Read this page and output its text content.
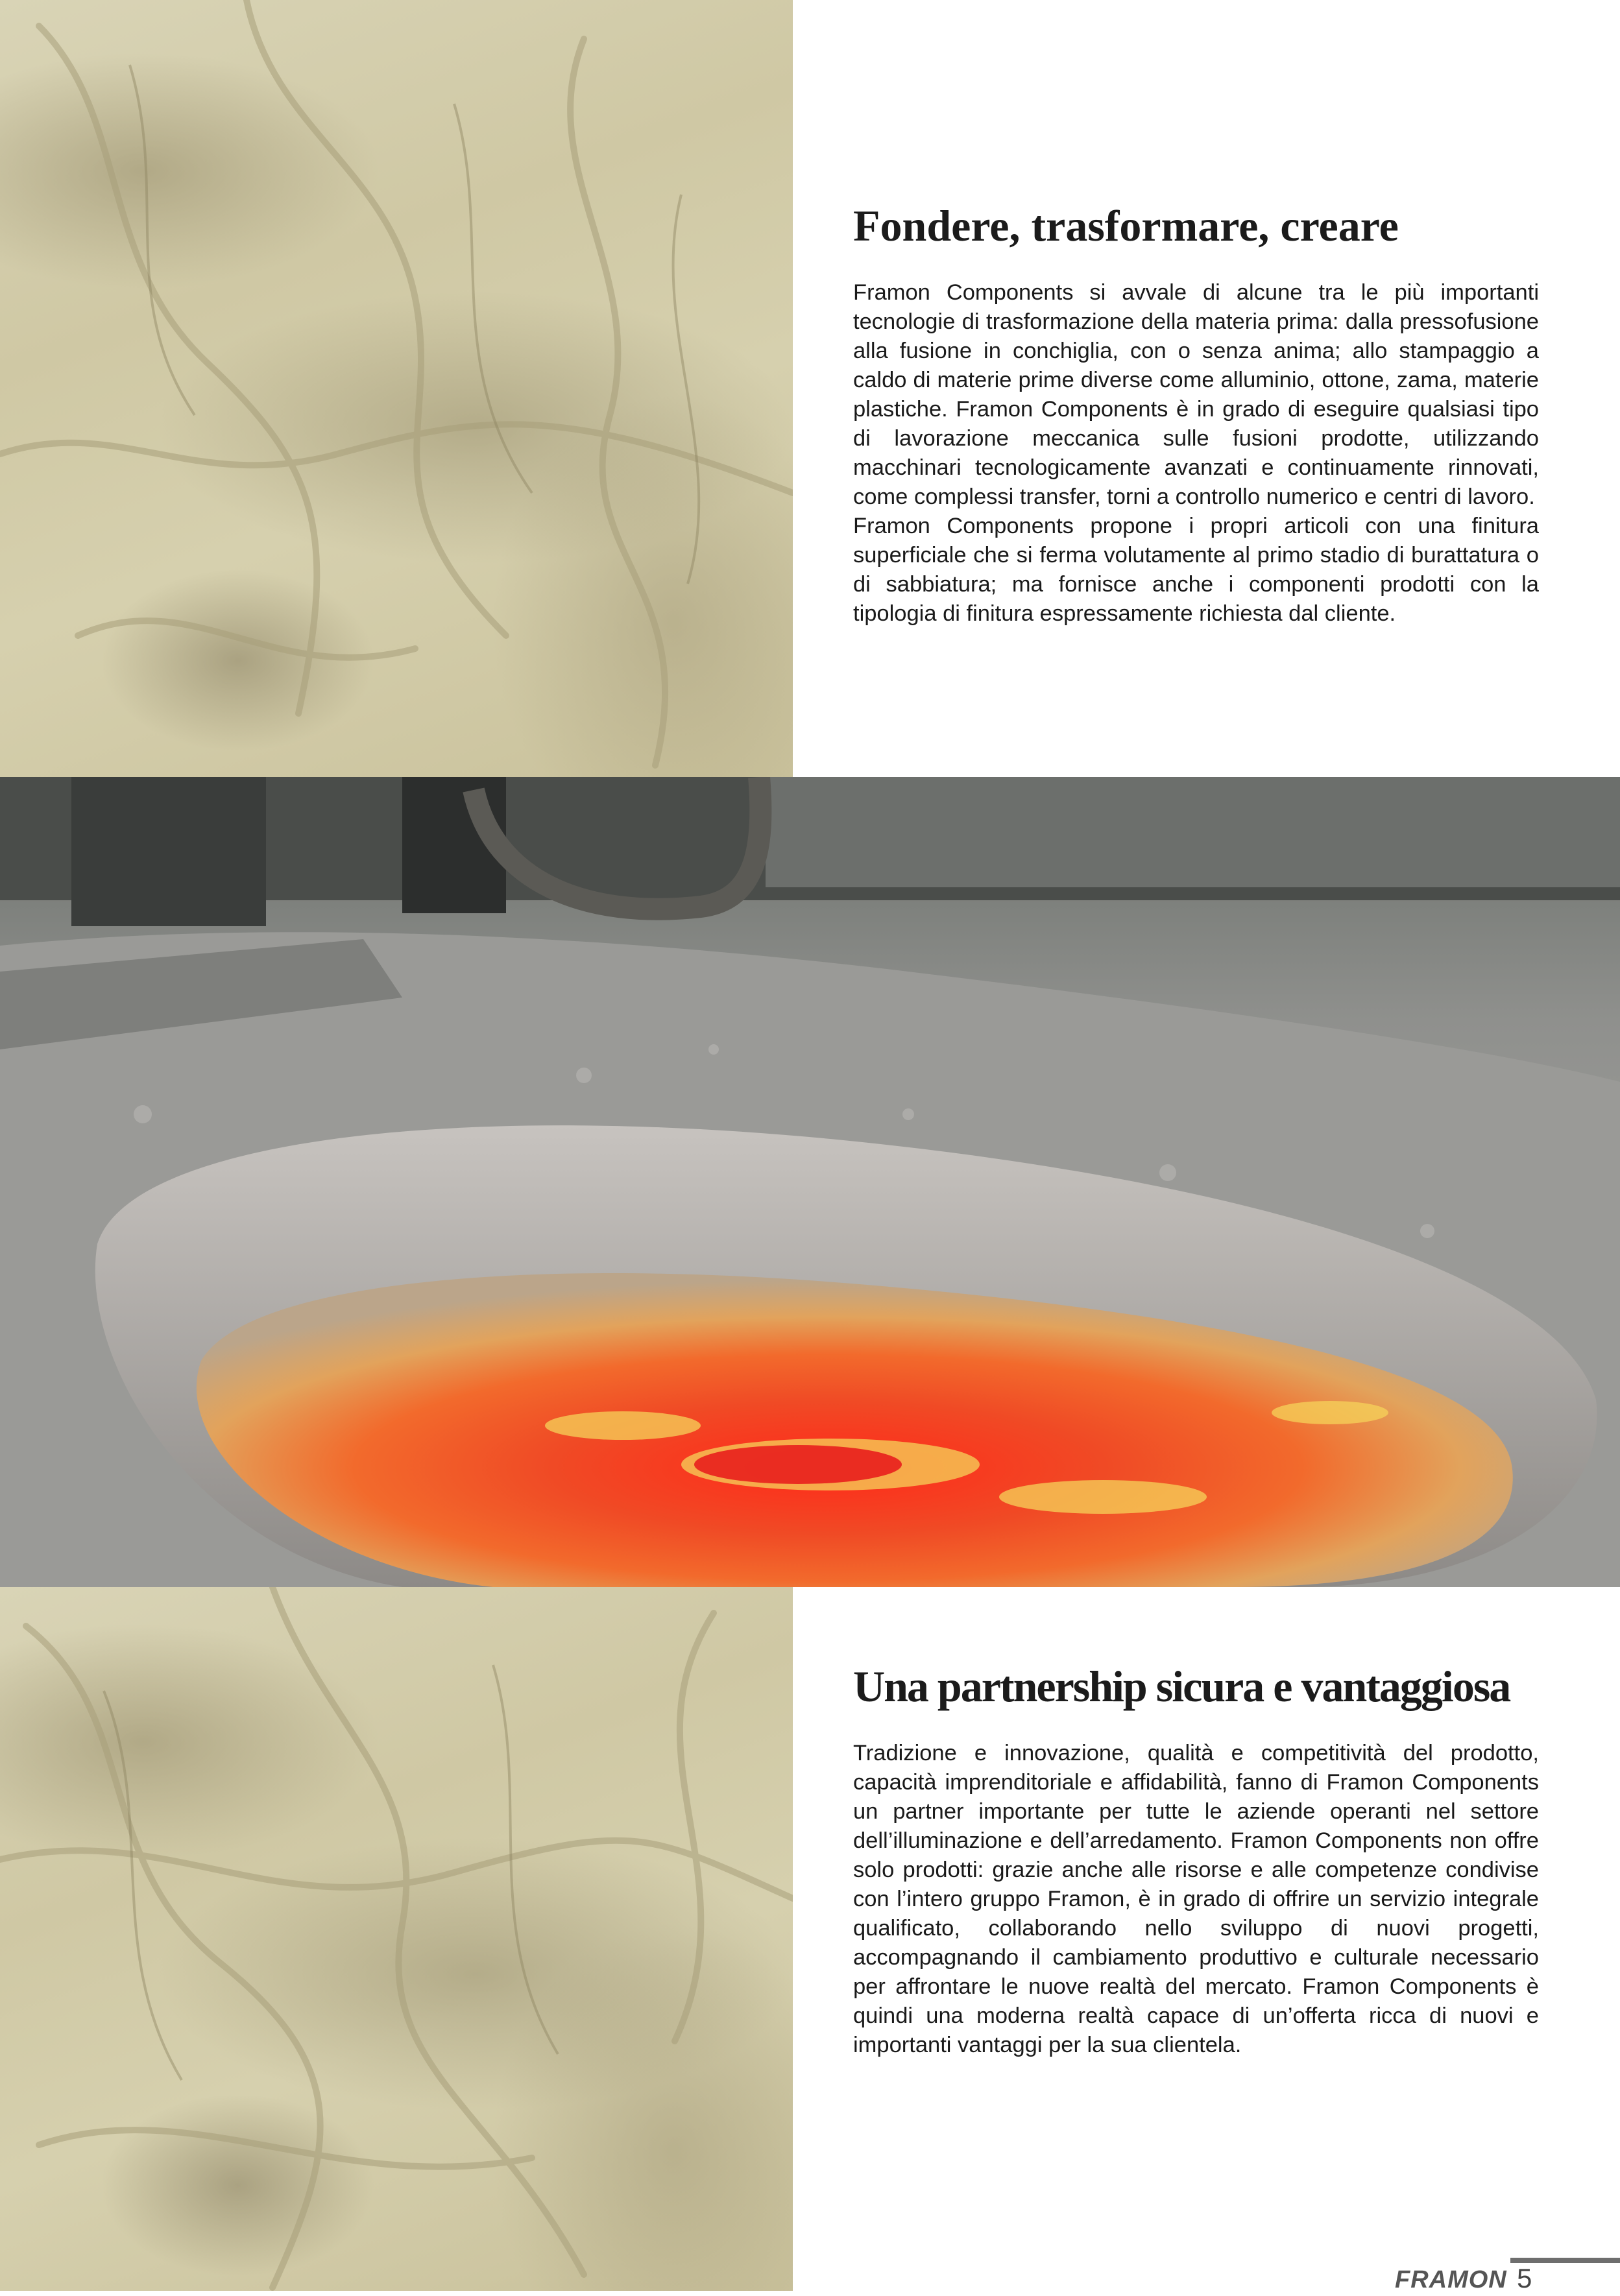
Fondere, trasformare, creare

Framon Components si avvale di alcune tra le più importanti tecnologie di trasformazione della materia prima: dalla pressofusione alla fusione in conchiglia, con o senza anima; allo stampaggio a caldo di materie prime diverse come alluminio, ottone, zama, materie plastiche. Framon Components è in grado di eseguire qualsiasi tipo di lavorazione meccanica sulle fusioni prodotte, utilizzando macchinari tecnologicamente avanzati e continuamente rinnovati, come complessi transfer, torni a controllo numerico e centri di lavoro.

Framon Components propone i propri articoli con una finitura superficiale che si ferma volutamente al primo stadio di burattatura o di sabbiatura; ma fornisce anche i componenti prodotti con la tipologia di finitura espressamente richiesta dal cliente.

Una partnership sicura e vantaggiosa

Tradizione e innovazione, qualità e competitività del prodotto, capacità imprenditoriale e affidabilità, fanno di Framon Components un partner importante per tutte le aziende operanti nel settore dell’illuminazione e dell’arredamento. Framon Components non offre solo prodotti: grazie anche alle risorse e alle competenze condivise con l’intero gruppo Framon, è in grado di offrire un servizio integrale qualificato, collaborando nello sviluppo di nuovi progetti, accompagnando il cambiamento produttivo e culturale necessario per affrontare le nuove realtà del mercato. Framon Components è quindi una moderna realtà capace di un’offerta ricca di nuovi e importanti vantaggi per la sua clientela.

FRAMON 5
